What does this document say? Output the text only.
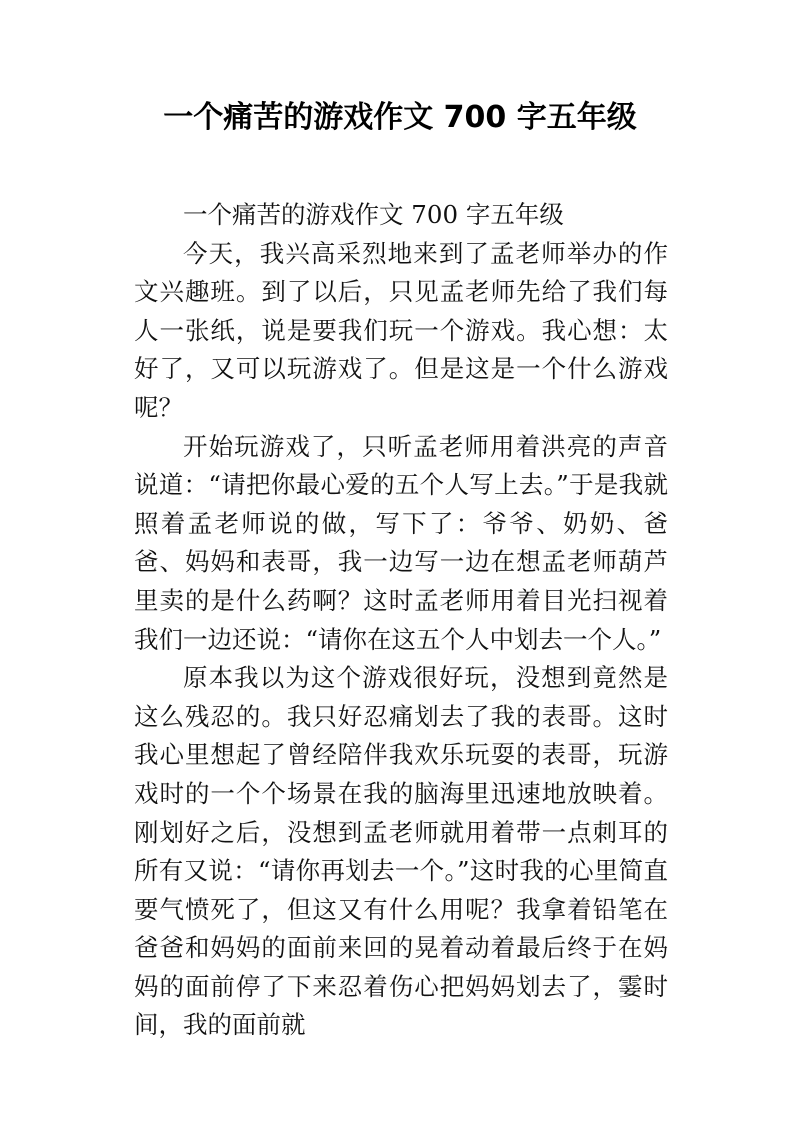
一个痛苦的游戏作文 700 字五年级

一个痛苦的游戏作文 700 字五年级

今天，我兴高采烈地来到了孟老师举办的作文兴趣班。到了以后，只见孟老师先给了我们每人一张纸，说是要我们玩一个游戏。我心想：太好了，又可以玩游戏了。但是这是一个什么游戏呢？

开始玩游戏了，只听孟老师用着洪亮的声音说道：“请把你最心爱的五个人写上去。”于是我就照着孟老师说的做，写下了：爷爷、奶奶、爸爸、妈妈和表哥，我一边写一边在想孟老师葫芦里卖的是什么药啊？这时孟老师用着目光扫视着我们一边还说：“请你在这五个人中划去一个人。”

原本我以为这个游戏很好玩，没想到竟然是这么残忍的。我只好忍痛划去了我的表哥。这时我心里想起了曾经陪伴我欢乐玩耍的表哥，玩游戏时的一个个场景在我的脑海里迅速地放映着。刚划好之后，没想到孟老师就用着带一点刺耳的所有又说：“请你再划去一个。”这时我的心里简直要气愤死了，但这又有什么用呢？我拿着铅笔在爸爸和妈妈的面前来回的晃着动着最后终于在妈妈的面前停了下来忍着伤心把妈妈划去了，霎时间，我的面前就
